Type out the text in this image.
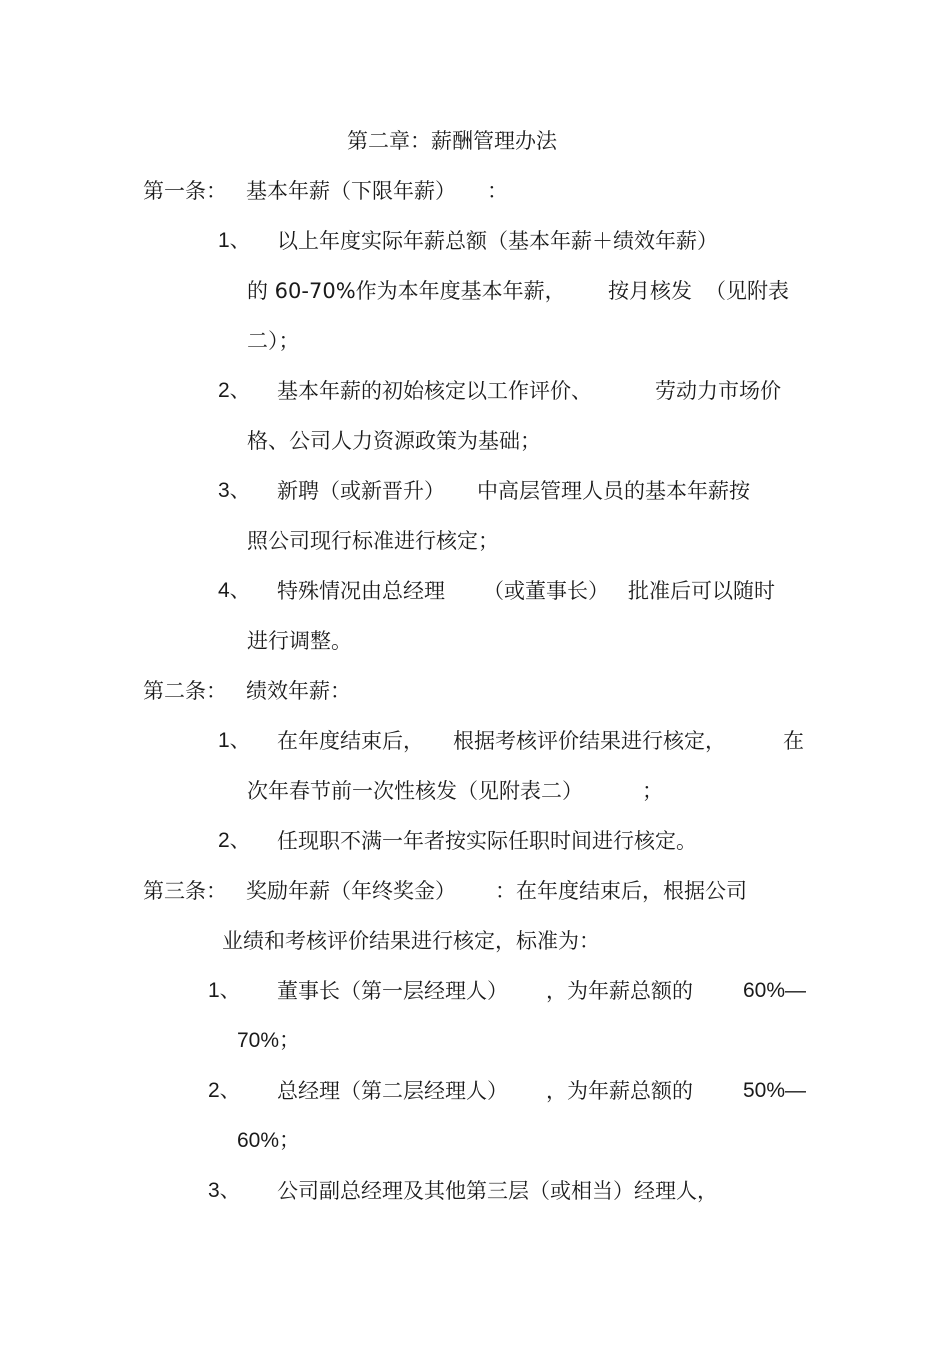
第二章：薪酬管理办法
第一条： 基本年薪（下限年薪） ：
1、 以上年度实际年薪总额（基本年薪＋绩效年薪）
的 60-70%作为本年度基本年薪， 按月核发 （见附表
二）；
2、 基本年薪的初始核定以工作评价、	劳动力市场价
格、公司人力资源政策为基础；
3、 新聘（或新晋升） 中高层管理人员的基本年薪按
照公司现行标准进行核定；
4、 特殊情况由总经理 （或董事长） 批准后可以随时
进行调整。
第二条： 绩效年薪：
1、 在年度结束后， 根据考核评价结果进行核定，	在
次年春节前一次性核发（见附表二）	；
2、 任现职不满一年者按实际任职时间进行核定。
第三条： 奖励年薪（年终奖金） ：在年度结束后，根据公司
业绩和考核评价结果进行核定，标准为：
1、 董事长（第一层经理人） ，为年薪总额的 60%—
70%；
2、 总经理（第二层经理人） ，为年薪总额的 50%—
60%；
3、 公司副总经理及其他第三层（或相当）经理人，
